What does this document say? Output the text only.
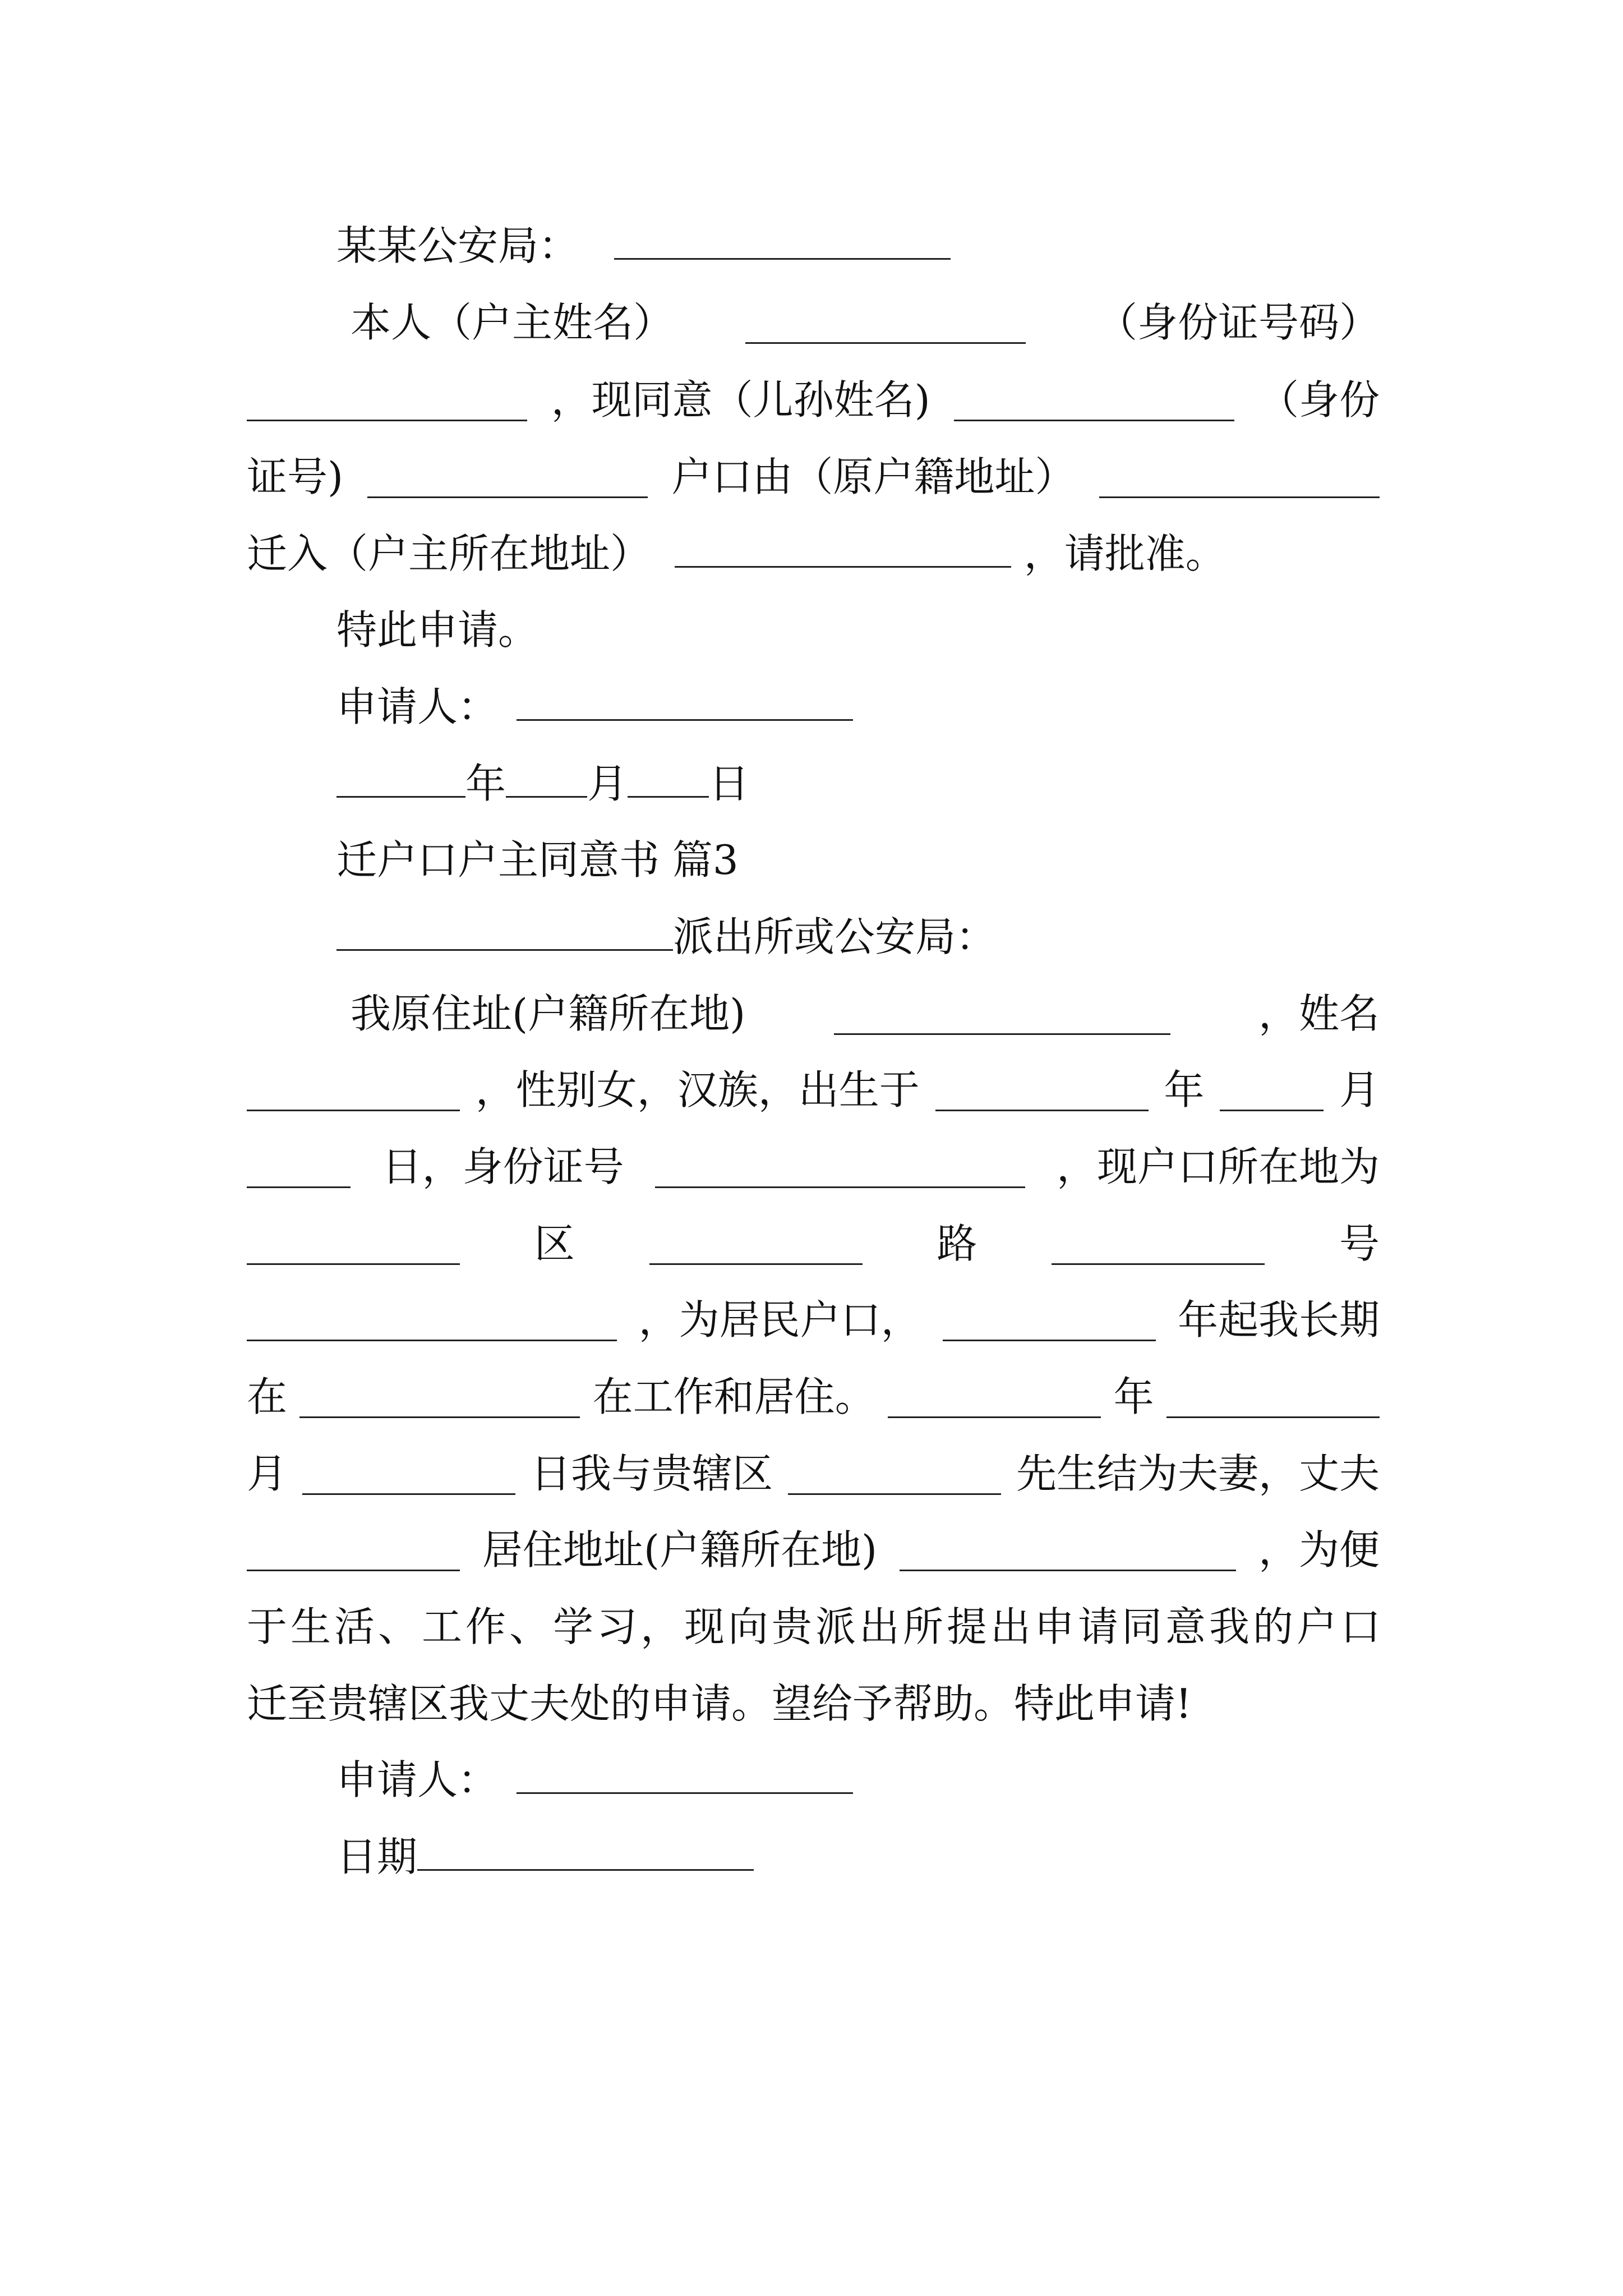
某某公安局：
本人（户主姓名）	（身份证号码）
，现同意（儿孙姓名)	（身份
证号)	户口由（原户籍地址）
迁入（户主所在地址）	，请批准。
特此申请。
申请人：
年 月 日
迁户口户主同意书 篇3
派出所或公安局：
我原住址(户籍所在地)	，姓名
，性别女，汉族，出生于	年	月
日，身份证号	，现户口所在地为
区	路	号
，为居民户口，	年起我长期
在	在工作和居住。	年
月	日我与贵辖区	先生结为夫妻，丈夫
居住地址(户籍所在地)	，为便
于生活、工作、学习，现向贵派出所提出申请同意我的户口
迁至贵辖区我丈夫处的申请。望给予帮助。特此申请!
申请人：
日期
